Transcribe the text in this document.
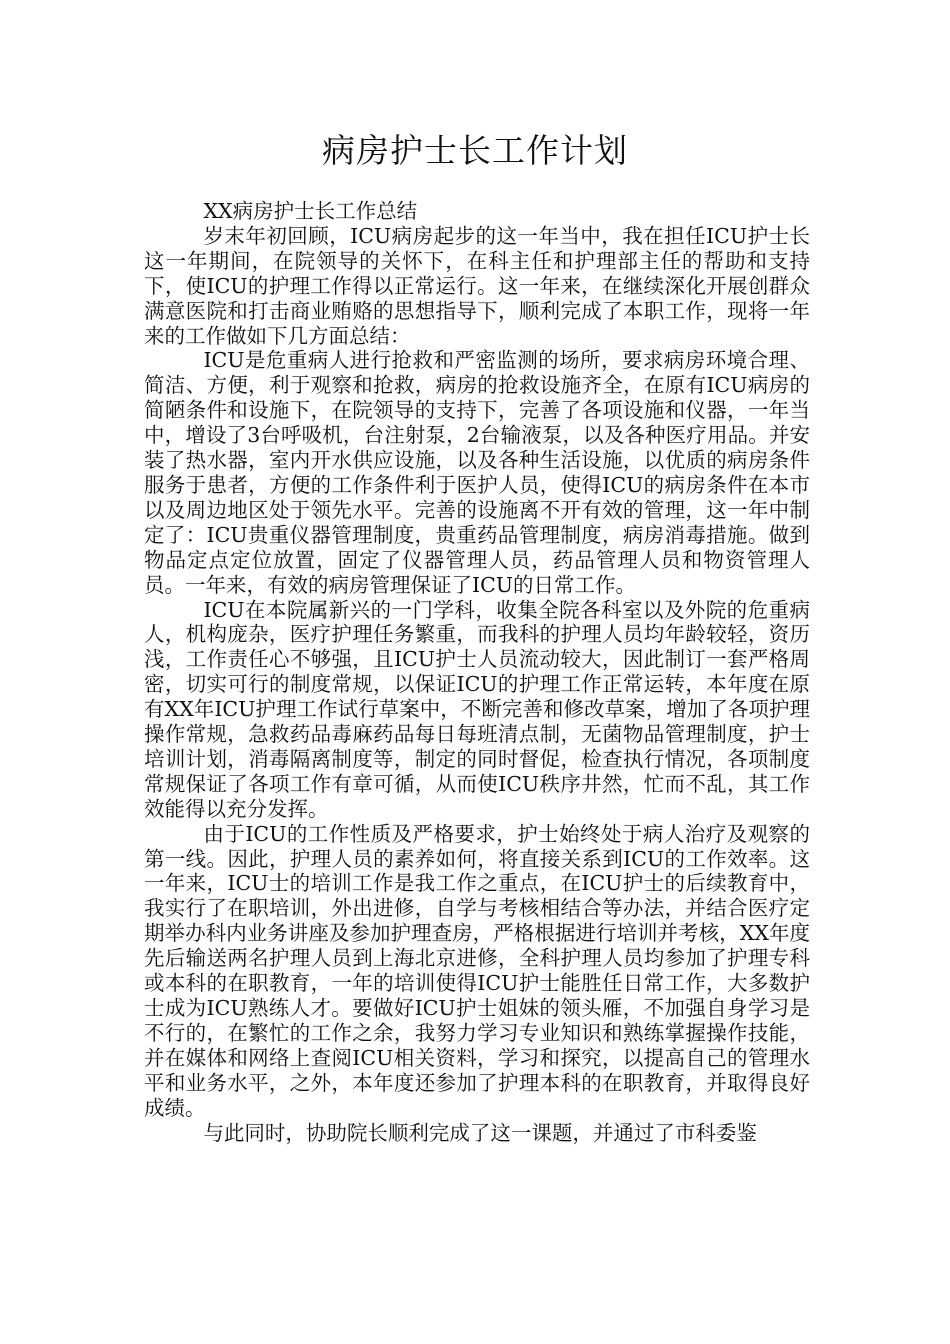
病房护士长工作计划

XX病房护士长工作总结

岁末年初回顾，ICU病房起步的这一年当中，我在担任ICU护士长这一年期间，在院领导的关怀下，在科主任和护理部主任的帮助和支持下，使ICU的护理工作得以正常运行。这一年来，在继续深化开展创群众满意医院和打击商业贿赂的思想指导下，顺利完成了本职工作，现将一年来的工作做如下几方面总结：

ICU是危重病人进行抢救和严密监测的场所，要求病房环境合理、简洁、方便，利于观察和抢救，病房的抢救设施齐全，在原有ICU病房的简陋条件和设施下，在院领导的支持下，完善了各项设施和仪器，一年当中，增设了3台呼吸机，台注射泵，2台输液泵，以及各种医疗用品。并安装了热水器，室内开水供应设施，以及各种生活设施，以优质的病房条件服务于患者，方便的工作条件利于医护人员，使得ICU的病房条件在本市以及周边地区处于领先水平。完善的设施离不开有效的管理，这一年中制定了：ICU贵重仪器管理制度，贵重药品管理制度，病房消毒措施。做到物品定点定位放置，固定了仪器管理人员，药品管理人员和物资管理人员。一年来，有效的病房管理保证了ICU的日常工作。

ICU在本院属新兴的一门学科，收集全院各科室以及外院的危重病人，机构庞杂，医疗护理任务繁重，而我科的护理人员均年龄较轻，资历浅，工作责任心不够强，且ICU护士人员流动较大，因此制订一套严格周密，切实可行的制度常规，以保证ICU的护理工作正常运转，本年度在原有XX年ICU护理工作试行草案中，不断完善和修改草案，增加了各项护理操作常规，急救药品毒麻药品每日每班清点制，无菌物品管理制度，护士培训计划，消毒隔离制度等，制定的同时督促，检查执行情况，各项制度常规保证了各项工作有章可循，从而使ICU秩序井然，忙而不乱，其工作效能得以充分发挥。

由于ICU的工作性质及严格要求，护士始终处于病人治疗及观察的第一线。因此，护理人员的素养如何，将直接关系到ICU的工作效率。这一年来，ICU士的培训工作是我工作之重点，在ICU护士的后续教育中，我实行了在职培训，外出进修，自学与考核相结合等办法，并结合医疗定期举办科内业务讲座及参加护理查房，严格根据进行培训并考核，XX年度先后输送两名护理人员到上海北京进修，全科护理人员均参加了护理专科或本科的在职教育，一年的培训使得ICU护士能胜任日常工作，大多数护士成为ICU熟练人才。要做好ICU护士姐妹的领头雁，不加强自身学习是不行的，在繁忙的工作之余，我努力学习专业知识和熟练掌握操作技能，并在媒体和网络上查阅ICU相关资料，学习和探究，以提高自己的管理水平和业务水平，之外，本年度还参加了护理本科的在职教育，并取得良好成绩。

与此同时，协助院长顺利完成了这一课题，并通过了市科委鉴
